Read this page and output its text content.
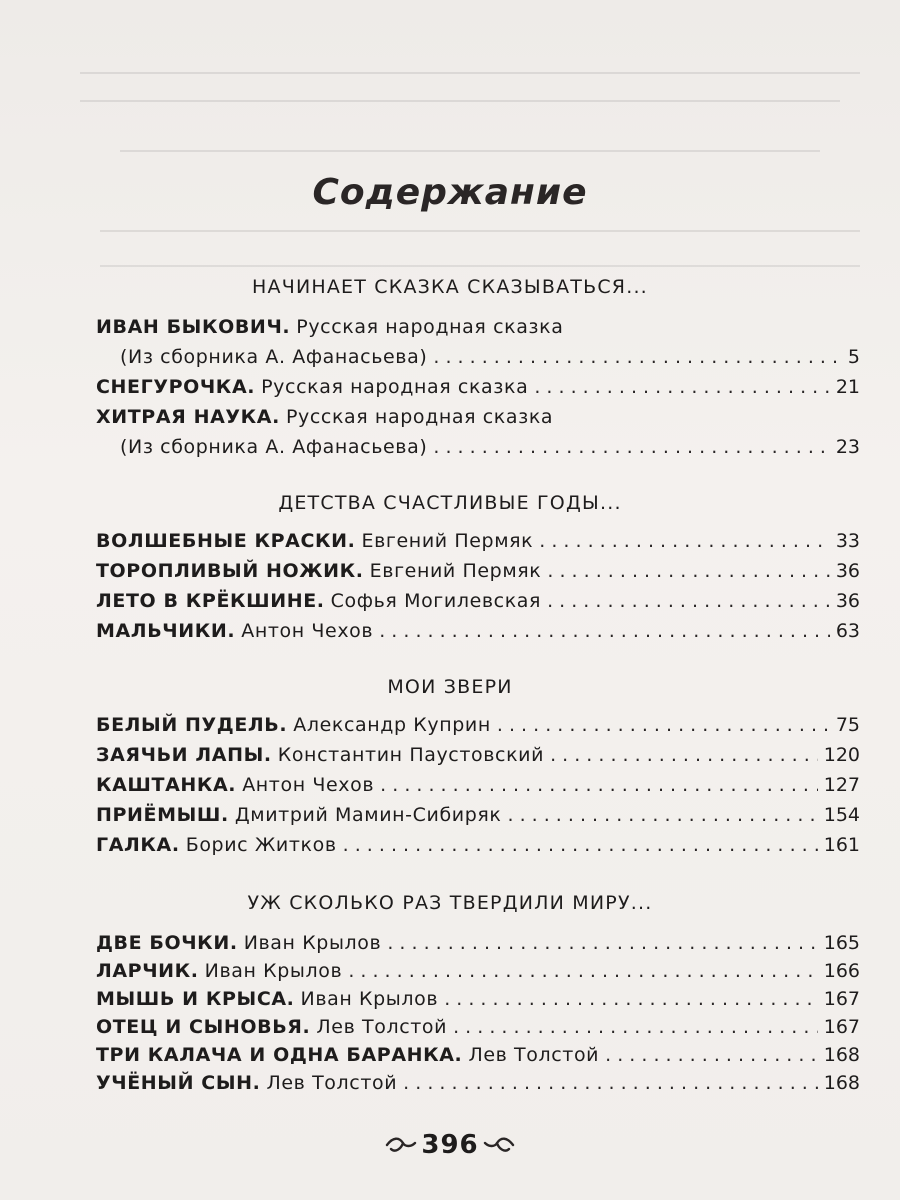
Содержание
НАЧИНАЕТ СКАЗКА СКАЗЫВАТЬСЯ...
ИВАН БЫКОВИЧ. Русская народная сказка
(Из сборника А. Афанасьева) . . .	5
СНЕГУРОЧКА. Русская народная сказка . . .	21
ХИТРАЯ НАУКА. Русская народная сказка
(Из сборника А. Афанасьева) . . .	23
ДЕТСТВА СЧАСТЛИВЫЕ ГОДЫ...
ВОЛШЕБНЫЕ КРАСКИ. Евгений Пермяк . . .	33
ТОРОПЛИВЫЙ НОЖИК. Евгений Пермяк . . .	36
ЛЕТО В КРЁКШИНЕ. Софья Могилевская . . .	36
МАЛЬЧИКИ. Антон Чехов . . .	63
МОИ ЗВЕРИ
БЕЛЫЙ ПУДЕЛЬ. Александр Куприн . . .	75
ЗАЯЧЬИ ЛАПЫ. Константин Паустовский . . .	120
КАШТАНКА. Антон Чехов . . .	127
ПРИЁМЫШ. Дмитрий Мамин-Сибиряк . . .	154
ГАЛКА. Борис Житков . . .	161
УЖ СКОЛЬКО РАЗ ТВЕРДИЛИ МИРУ...
ДВЕ БОЧКИ. Иван Крылов . . .	165
ЛАРЧИК. Иван Крылов . . .	166
МЫШЬ И КРЫСА. Иван Крылов . . .	167
ОТЕЦ И СЫНОВЬЯ. Лев Толстой . . .	167
ТРИ КАЛАЧА И ОДНА БАРАНКА. Лев Толстой . . .	168
УЧЁНЫЙ СЫН. Лев Толстой . . .	168
396
